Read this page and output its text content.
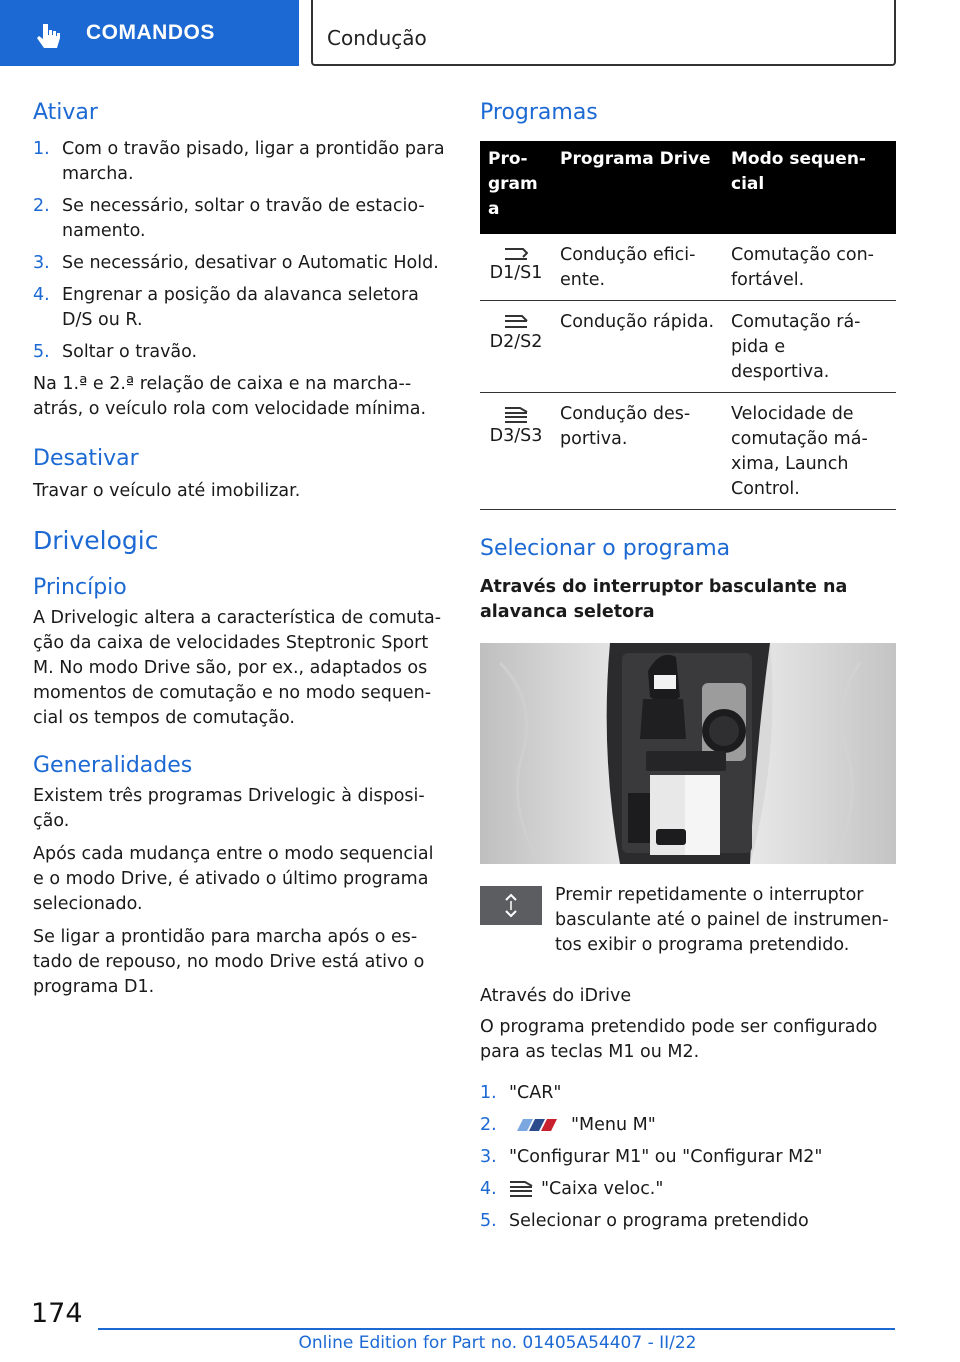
COMANDOS	Condução
Ativar
1. Com o travão pisado, ligar a prontidão para marcha.
2. Se necessário, soltar o travão de estacio-namento.
3. Se necessário, desativar o Automatic Hold.
4. Engrenar a posição da alavanca seletora D/S ou R.
5. Soltar o travão.

Na 1.ª e 2.ª relação de caixa e na marcha--atrás, o veículo rola com velocidade mínima.

Desativar

Travar o veículo até imobilizar.

Drivelogic
Princípio

A Drivelogic altera a característica de comuta-ção da caixa de velocidades Steptronic Sport M. No modo Drive são, por ex., adaptados os momentos de comutação e no modo sequen-cial os tempos de comutação.

Generalidades

Existem três programas Drivelogic à disposi-ção.

Após cada mudança entre o modo sequencial e o modo Drive, é ativado o último programa selecionado.

Se ligar a prontidão para marcha após o es-tado de repouso, no modo Drive está ativo o programa D1.

Programas
Pro-gram a	Programa Drive	Modo sequen-cial

D1/S1	Condução efici-ente.	Comutação con-fortável.

D2/S2	Condução rápida.	Comutação rá-pida e desportiva.

D3/S3	Condução des-portiva.	Velocidade de comutação má-xima, Launch Control.
Selecionar o programa

Através do interruptor basculante na alavanca seletora

Premir repetidamente o interruptor basculante até o painel de instrumen-tos exibir o programa pretendido.

Através do iDrive

O programa pretendido pode ser configurado para as teclas M1 ou M2.

1. "CAR"
2.	"Menu M"
3. "Configurar M1" ou "Configurar M2"
4.	"Caixa veloc."
5. Selecionar o programa pretendido
174
Online Edition for Part no. 01405A54407 - II/22
